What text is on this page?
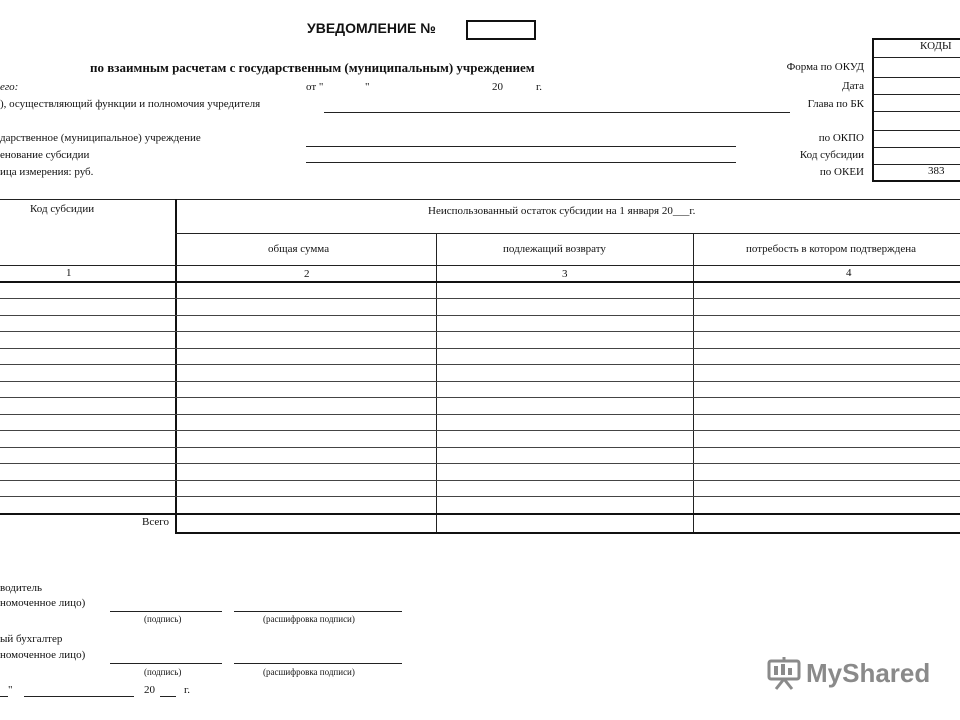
УВЕДОМЛЕНИЕ №
по взаимным расчетам с государственным (муниципальным) учреждением
его:	от "	"	20	г.
), осуществляющий функции и полномочия учредителя
дарственное (муниципальное) учреждение
енование субсидии
ица измерения: руб.
КОДЫ
Форма по ОКУД
Дата
Глава по БК
по ОКПО
Код субсидии
по ОКЕИ	383
Код субсидии	Неиспользованный остаток субсидии на 1 января 20___г.
общая сумма	подлежащий возврату	потребость в котором подтверждена
1	2	3	4
Всего
водитель
номоченное лицо)
(подпись)	(расшифровка подписи)
ый бухгалтер
номоченное лицо)
(подпись)	(расшифровка подписи)
"	20	г.
MyShared
